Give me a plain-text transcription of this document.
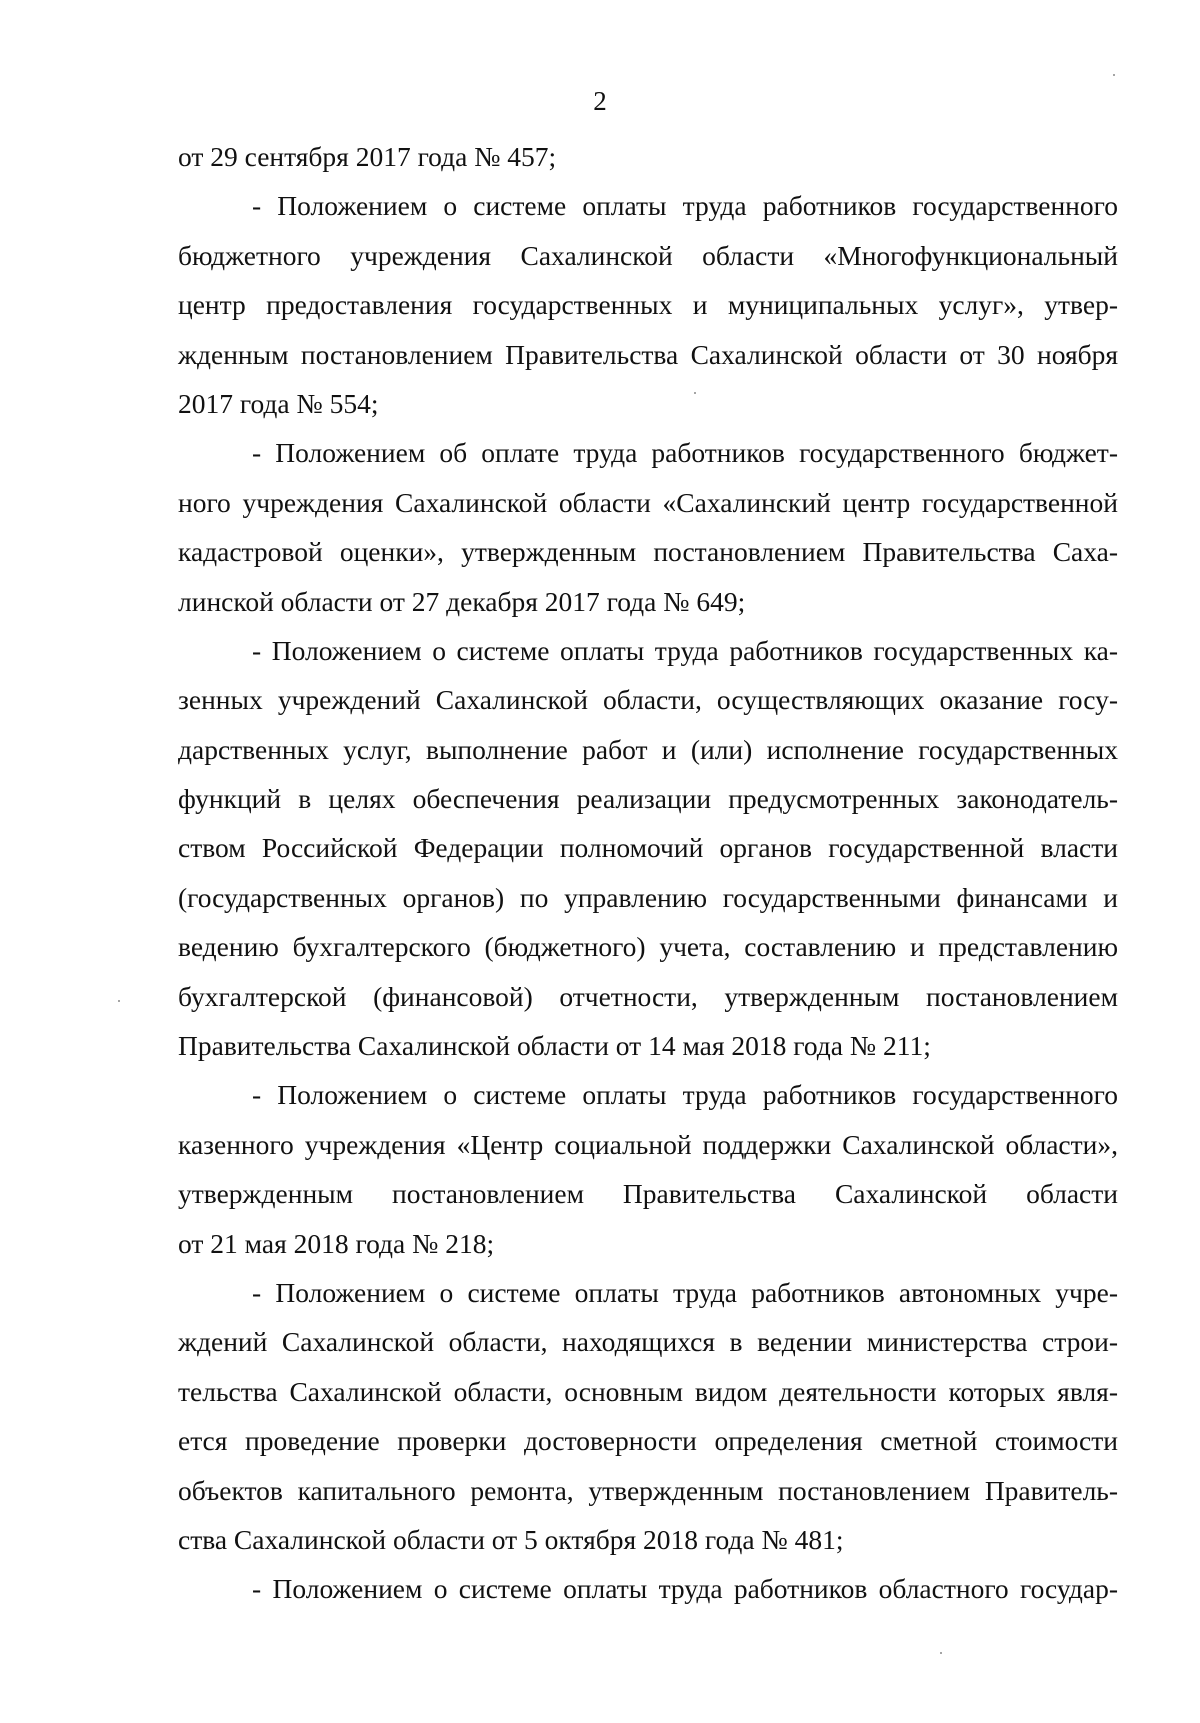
2
от 29 сентября 2017 года № 457;
- Положением о системе оплаты труда работников государственного
бюджетного учреждения Сахалинской области «Многофункциональный
центр предоставления государственных и муниципальных услуг», утвер-
жденным постановлением Правительства Сахалинской области от 30 ноября
2017 года № 554;
- Положением об оплате труда работников государственного бюджет-
ного учреждения Сахалинской области «Сахалинский центр государственной
кадастровой оценки», утвержденным постановлением Правительства Саха-
линской области от 27 декабря 2017 года № 649;
- Положением о системе оплаты труда работников государственных ка-
зенных учреждений Сахалинской области, осуществляющих оказание госу-
дарственных услуг, выполнение работ и (или) исполнение государственных
функций в целях обеспечения реализации предусмотренных законодатель-
ством Российской Федерации полномочий органов государственной власти
(государственных органов) по управлению государственными финансами и
ведению бухгалтерского (бюджетного) учета, составлению и представлению
бухгалтерской (финансовой) отчетности, утвержденным постановлением
Правительства Сахалинской области от 14 мая 2018 года № 211;
- Положением о системе оплаты труда работников государственного
казенного учреждения «Центр социальной поддержки Сахалинской области»,
утвержденным постановлением Правительства Сахалинской области
от 21 мая 2018 года № 218;
- Положением о системе оплаты труда работников автономных учре-
ждений Сахалинской области, находящихся в ведении министерства строи-
тельства Сахалинской области, основным видом деятельности которых явля-
ется проведение проверки достоверности определения сметной стоимости
объектов капитального ремонта, утвержденным постановлением Правитель-
ства Сахалинской области от 5 октября 2018 года № 481;
- Положением о системе оплаты труда работников областного государ-
